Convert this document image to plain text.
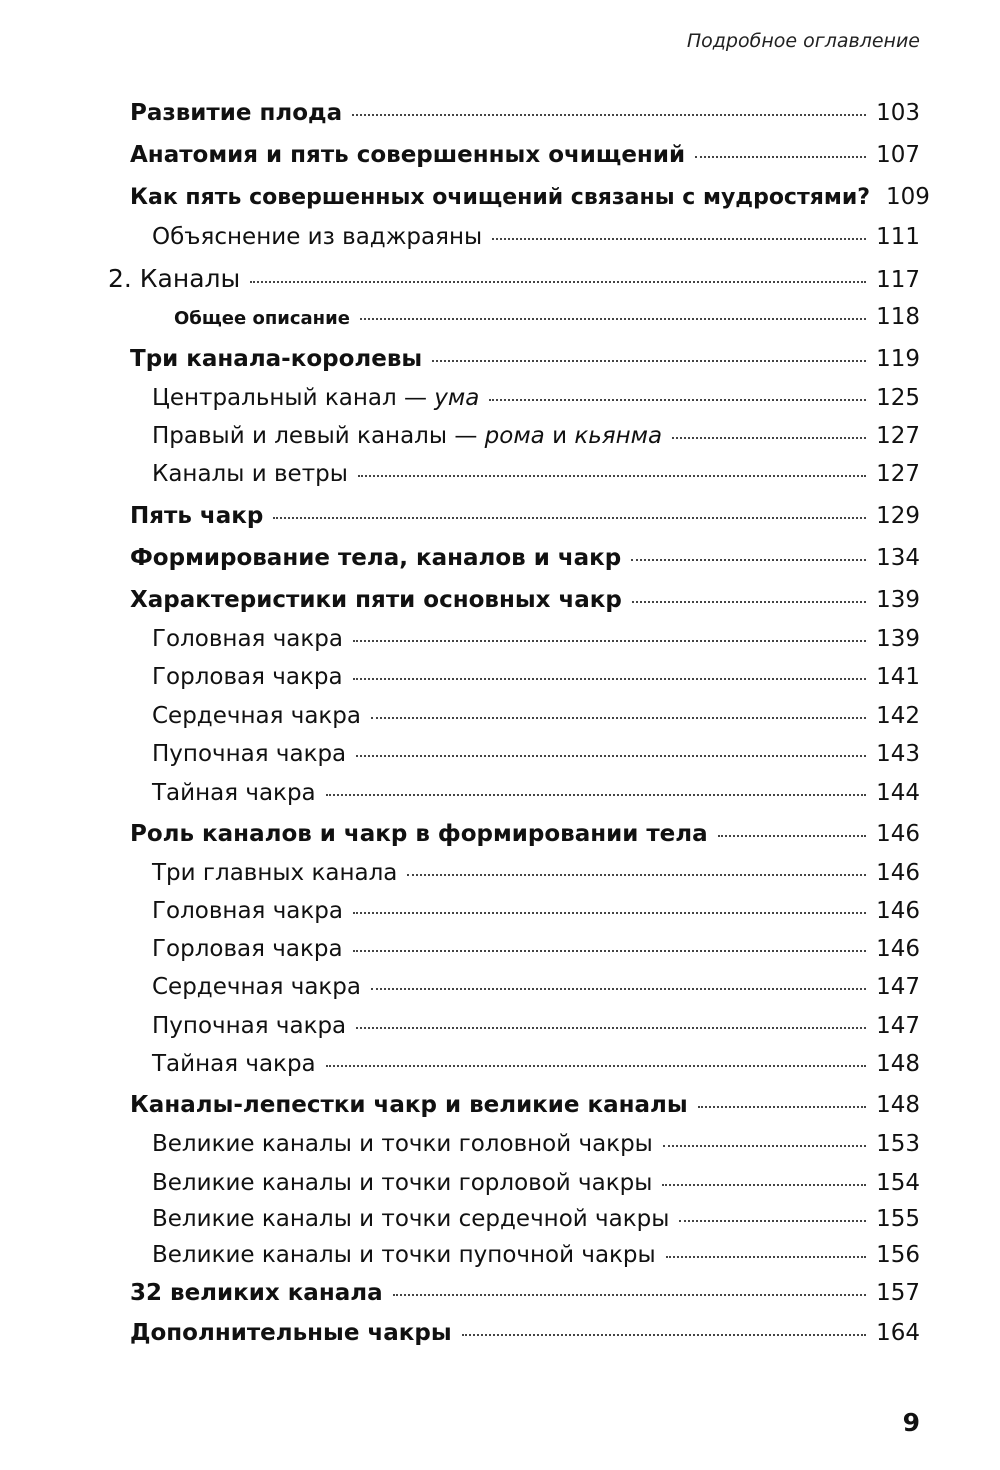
Подробное оглавление
Развитие плода	103
Анатомия и пять совершенных очищений	107
Как пять совершенных очищений связаны с мудростями? 109
Объяснение из ваджраяны	111
2. Каналы	117
Общее описание	118
Три канала-королевы	119
Центральный канал — ума	125
Правый и левый каналы — рома и кьянма	127
Каналы и ветры	127
Пять чакр	129
Формирование тела, каналов и чакр	134
Характеристики пяти основных чакр	139
Головная чакра	139
Горловая чакра	141
Сердечная чакра	142
Пупочная чакра	143
Тайная чакра	144
Роль каналов и чакр в формировании тела	146
Три главных канала	146
Головная чакра	146
Горловая чакра	146
Сердечная чакра	147
Пупочная чакра	147
Тайная чакра	148
Каналы-лепестки чакр и великие каналы	148
Великие каналы и точки головной чакры	153
Великие каналы и точки горловой чакры	154
Великие каналы и точки сердечной чакры	155
Великие каналы и точки пупочной чакры	156
32 великих канала	157
Дополнительные чакры	164
9
